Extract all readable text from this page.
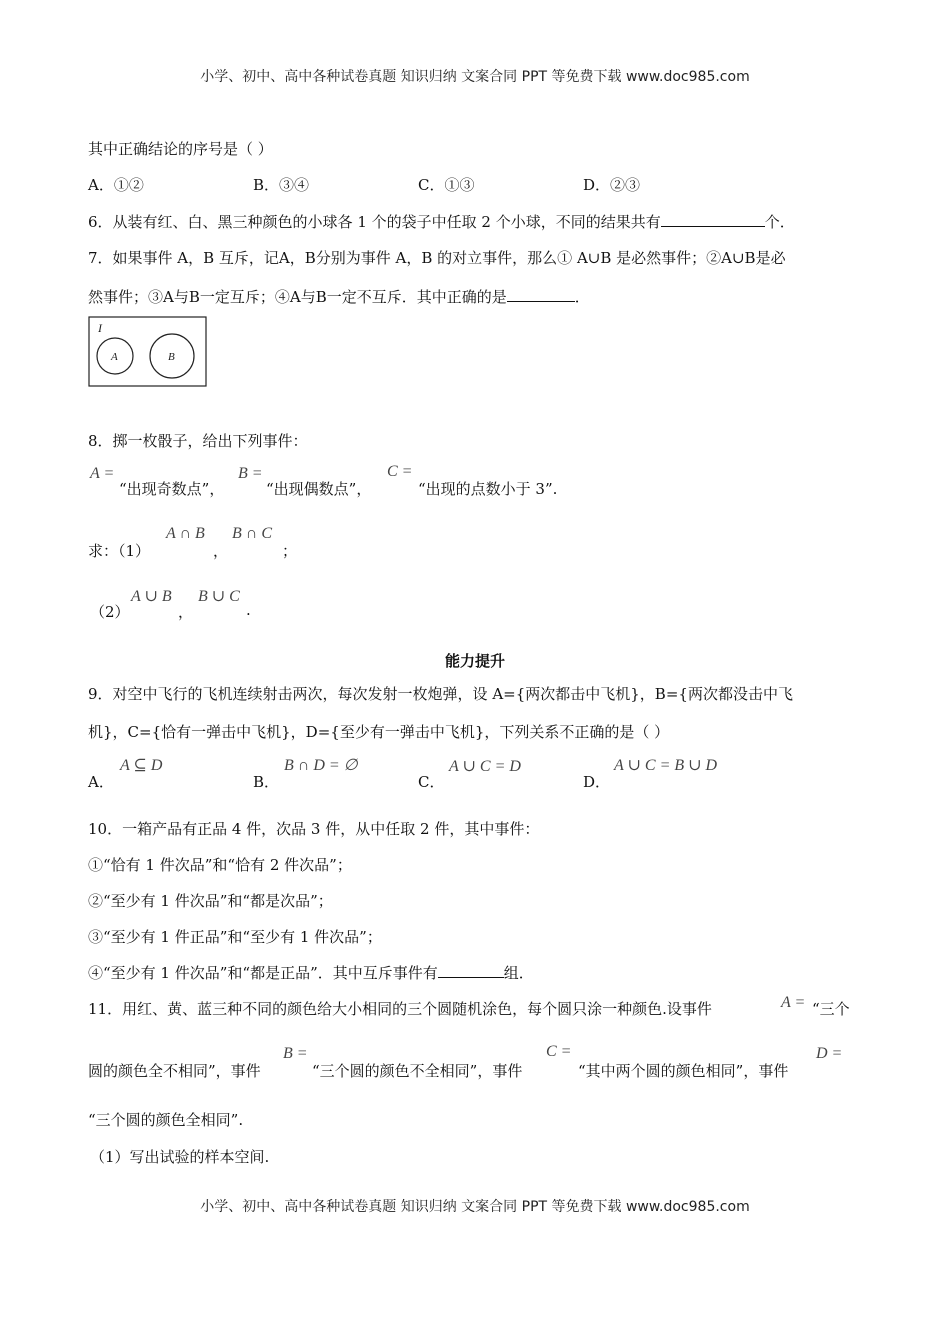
小学、初中、高中各种试卷真题 知识归纳 文案合同 PPT 等免费下载 www.doc985.com
其中正确结论的序号是（ ）
A．①②	B．③④	C．①③	D．②③
6．从装有红、白、黑三种颜色的小球各 1 个的袋子中任取 2 个小球，不同的结果共有	个．
7．如果事件 A，B 互斥，记A，B分别为事件 A，B 的对立事件，那么① A∪B 是必然事件；②A∪B是必
然事件；③A与B一定互斥；④A与B一定不互斥．其中正确的是	．
I
A	B
8．掷一枚骰子，给出下列事件：
A =
“出现奇数点”，
B =
“出现偶数点”，
C =
“出现的点数小于 3”.
求：（1）
A ∩ B
，
B ∩ C
；
（2）
A ∪ B
，
B ∪ C
.
能力提升
9．对空中飞行的飞机连续射击两次，每次发射一枚炮弹，设 A={两次都击中飞机}，B={两次都没击中飞
机}，C={恰有一弹击中飞机}，D={至少有一弹击中飞机}，下列关系不正确的是（ ）
A．
A ⊆ D
B．
B ∩ D = ∅
C．
A ∪ C = D
D．
A ∪ C = B ∪ D
10．一箱产品有正品 4 件，次品 3 件，从中任取 2 件，其中事件：
①“恰有 1 件次品”和“恰有 2 件次品”；
②“至少有 1 件次品”和“都是次品”；
③“至少有 1 件正品”和“至少有 1 件次品”；
④“至少有 1 件次品”和“都是正品”．其中互斥事件有	组．
11．用红、黄、蓝三种不同的颜色给大小相同的三个圆随机涂色，每个圆只涂一种颜色.设事件	A = “三个
圆的颜色全不相同”，事件
B =
“三个圆的颜色不全相同”，事件
C =
“其中两个圆的颜色相同”，事件
D =
“三个圆的颜色全相同”.
（1）写出试验的样本空间.
小学、初中、高中各种试卷真题 知识归纳 文案合同 PPT 等免费下载 www.doc985.com
